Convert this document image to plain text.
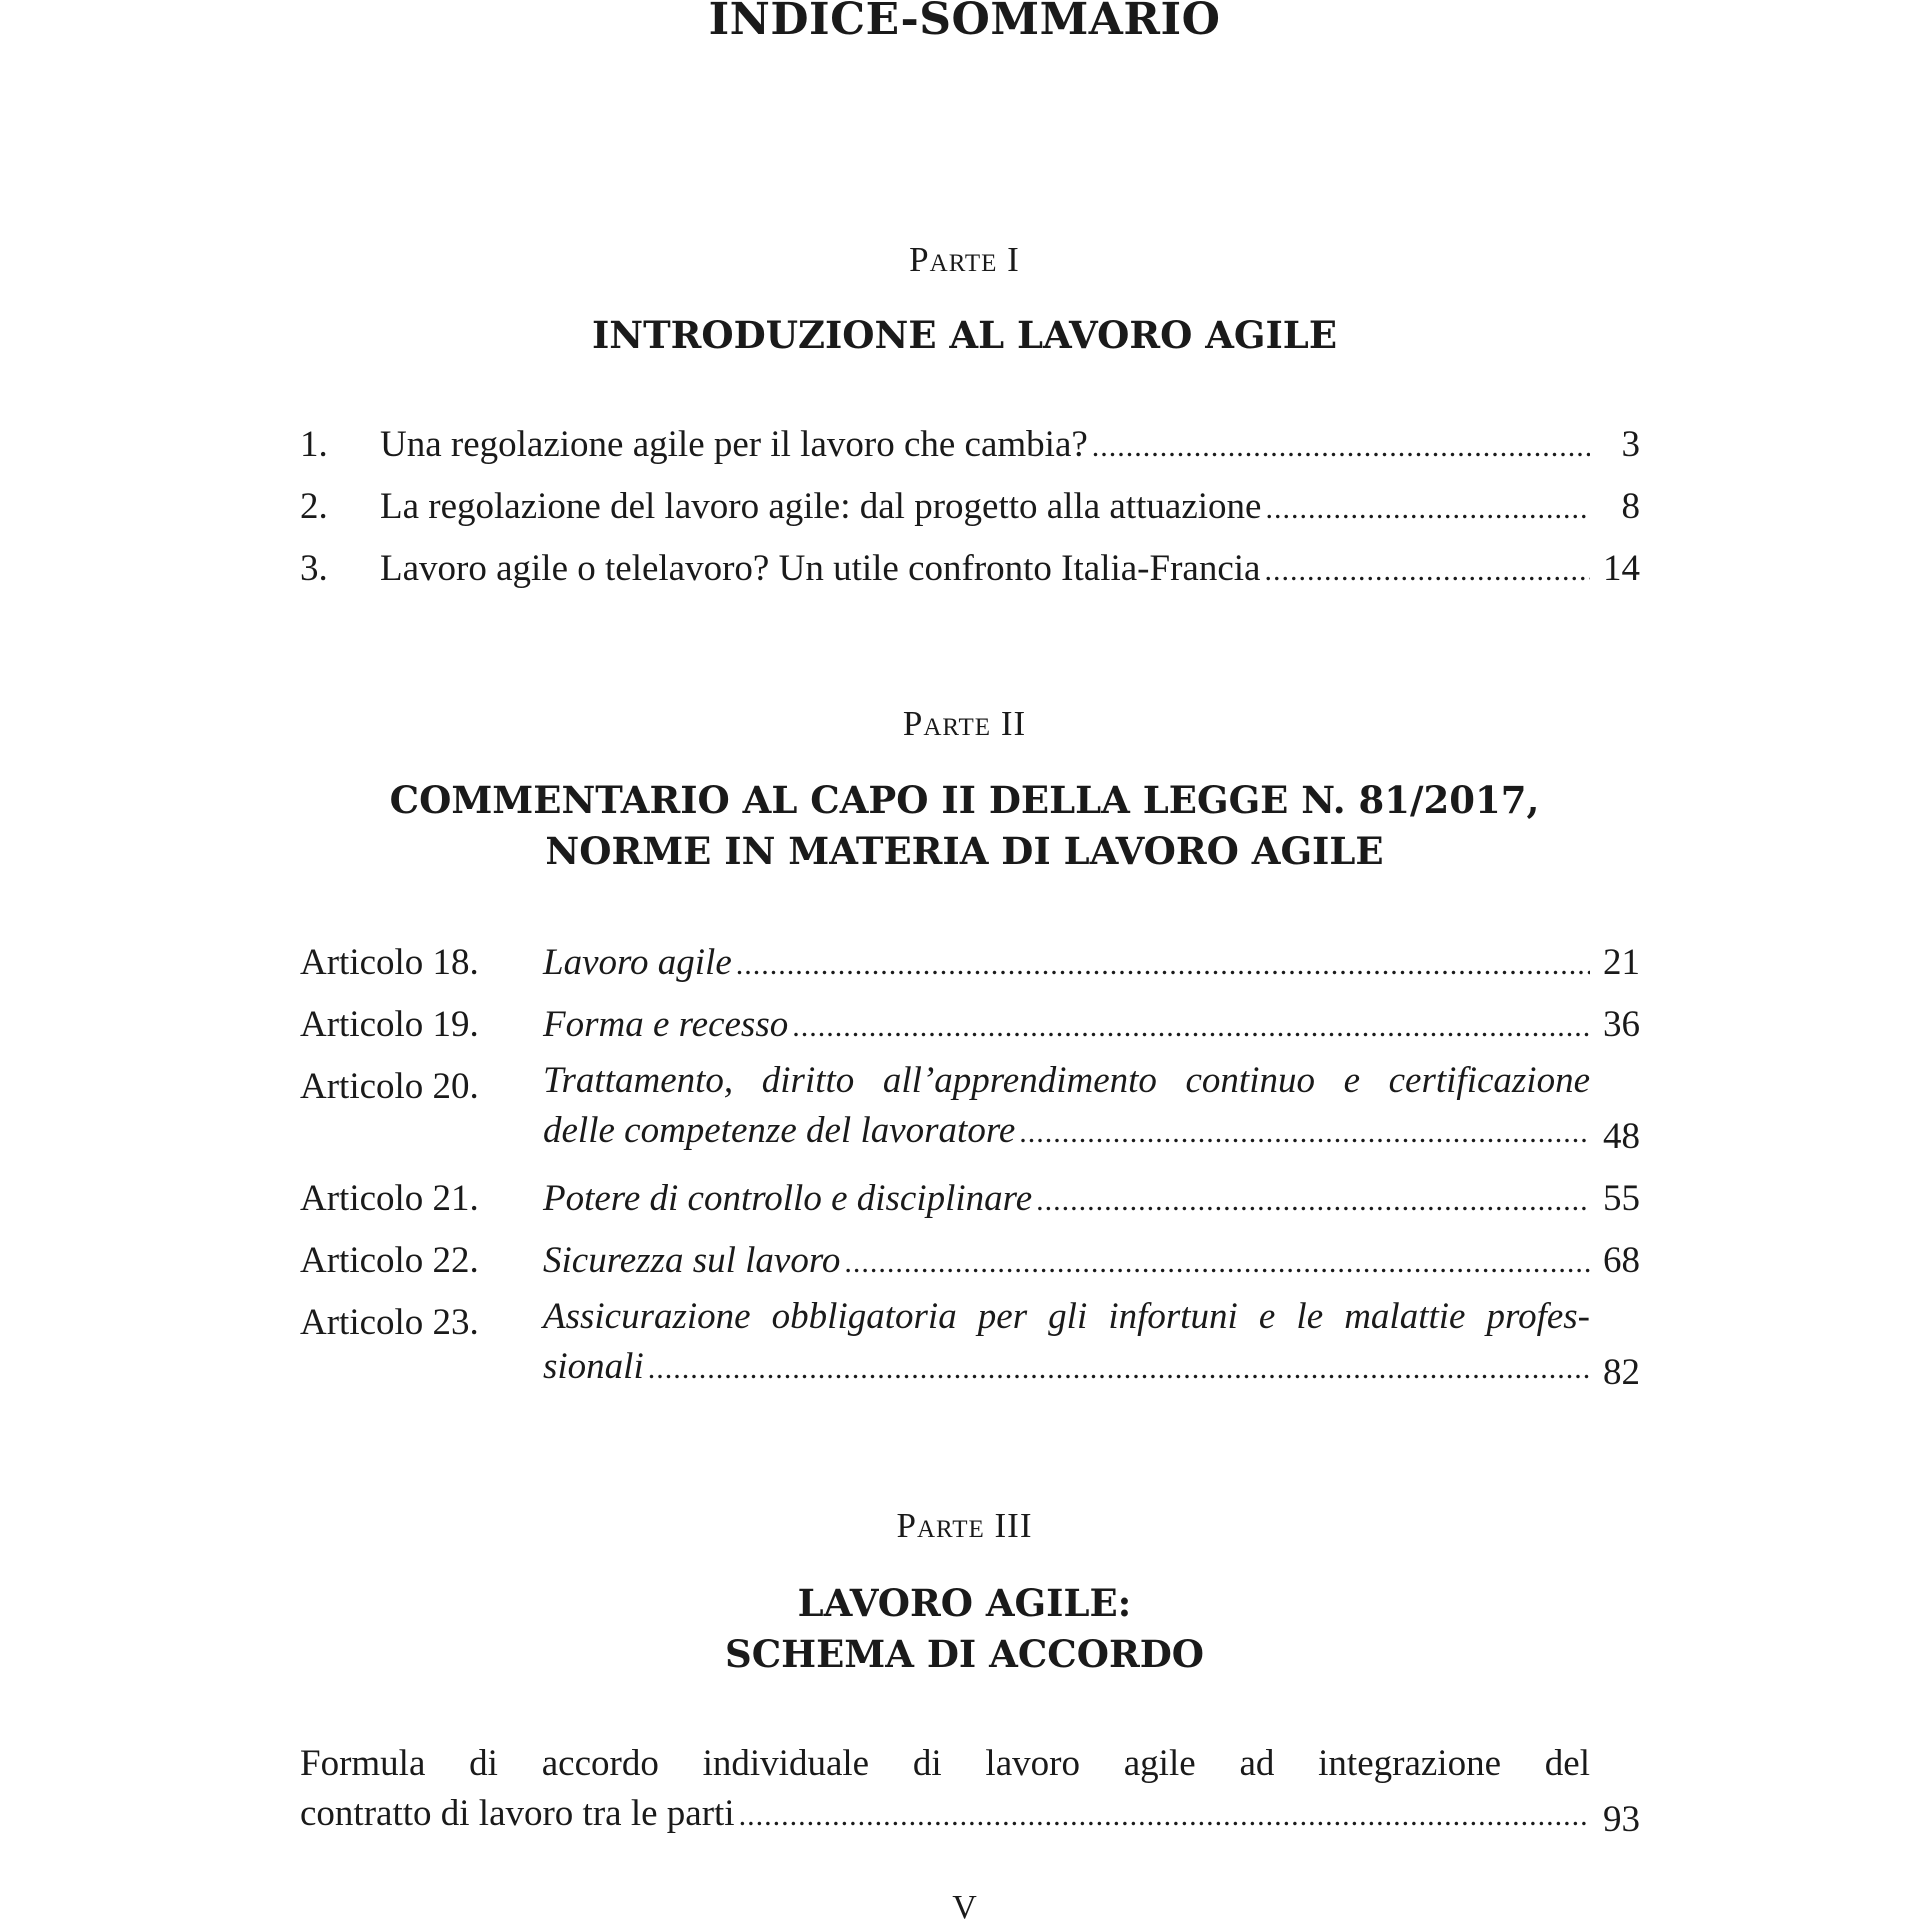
INDICE-SOMMARIO
Parte I
INTRODUZIONE AL LAVORO AGILE
1. Una regolazione agile per il lavoro che cambia? .....	3
2. La regolazione del lavoro agile: dal progetto alla attuazione .....	8
3. Lavoro agile o telelavoro? Un utile confronto Italia-Francia .....	14
Parte II
COMMENTARIO AL CAPO II DELLA LEGGE N. 81/2017,
NORME IN MATERIA DI LAVORO AGILE
Articolo 18. Lavoro agile .....	21
Articolo 19. Forma e recesso .....	36
Articolo 20. Trattamento, diritto all’apprendimento continuo e certificazione
delle competenze del lavoratore .....	48
Articolo 21. Potere di controllo e disciplinare .....	55
Articolo 22. Sicurezza sul lavoro .....	68
Articolo 23. Assicurazione obbligatoria per gli infortuni e le malattie profes-
sionali .....	82
Parte III
LAVORO AGILE:
SCHEMA DI ACCORDO
Formula di accordo individuale di lavoro agile ad integrazione del
contratto di lavoro tra le parti .....	93
V
